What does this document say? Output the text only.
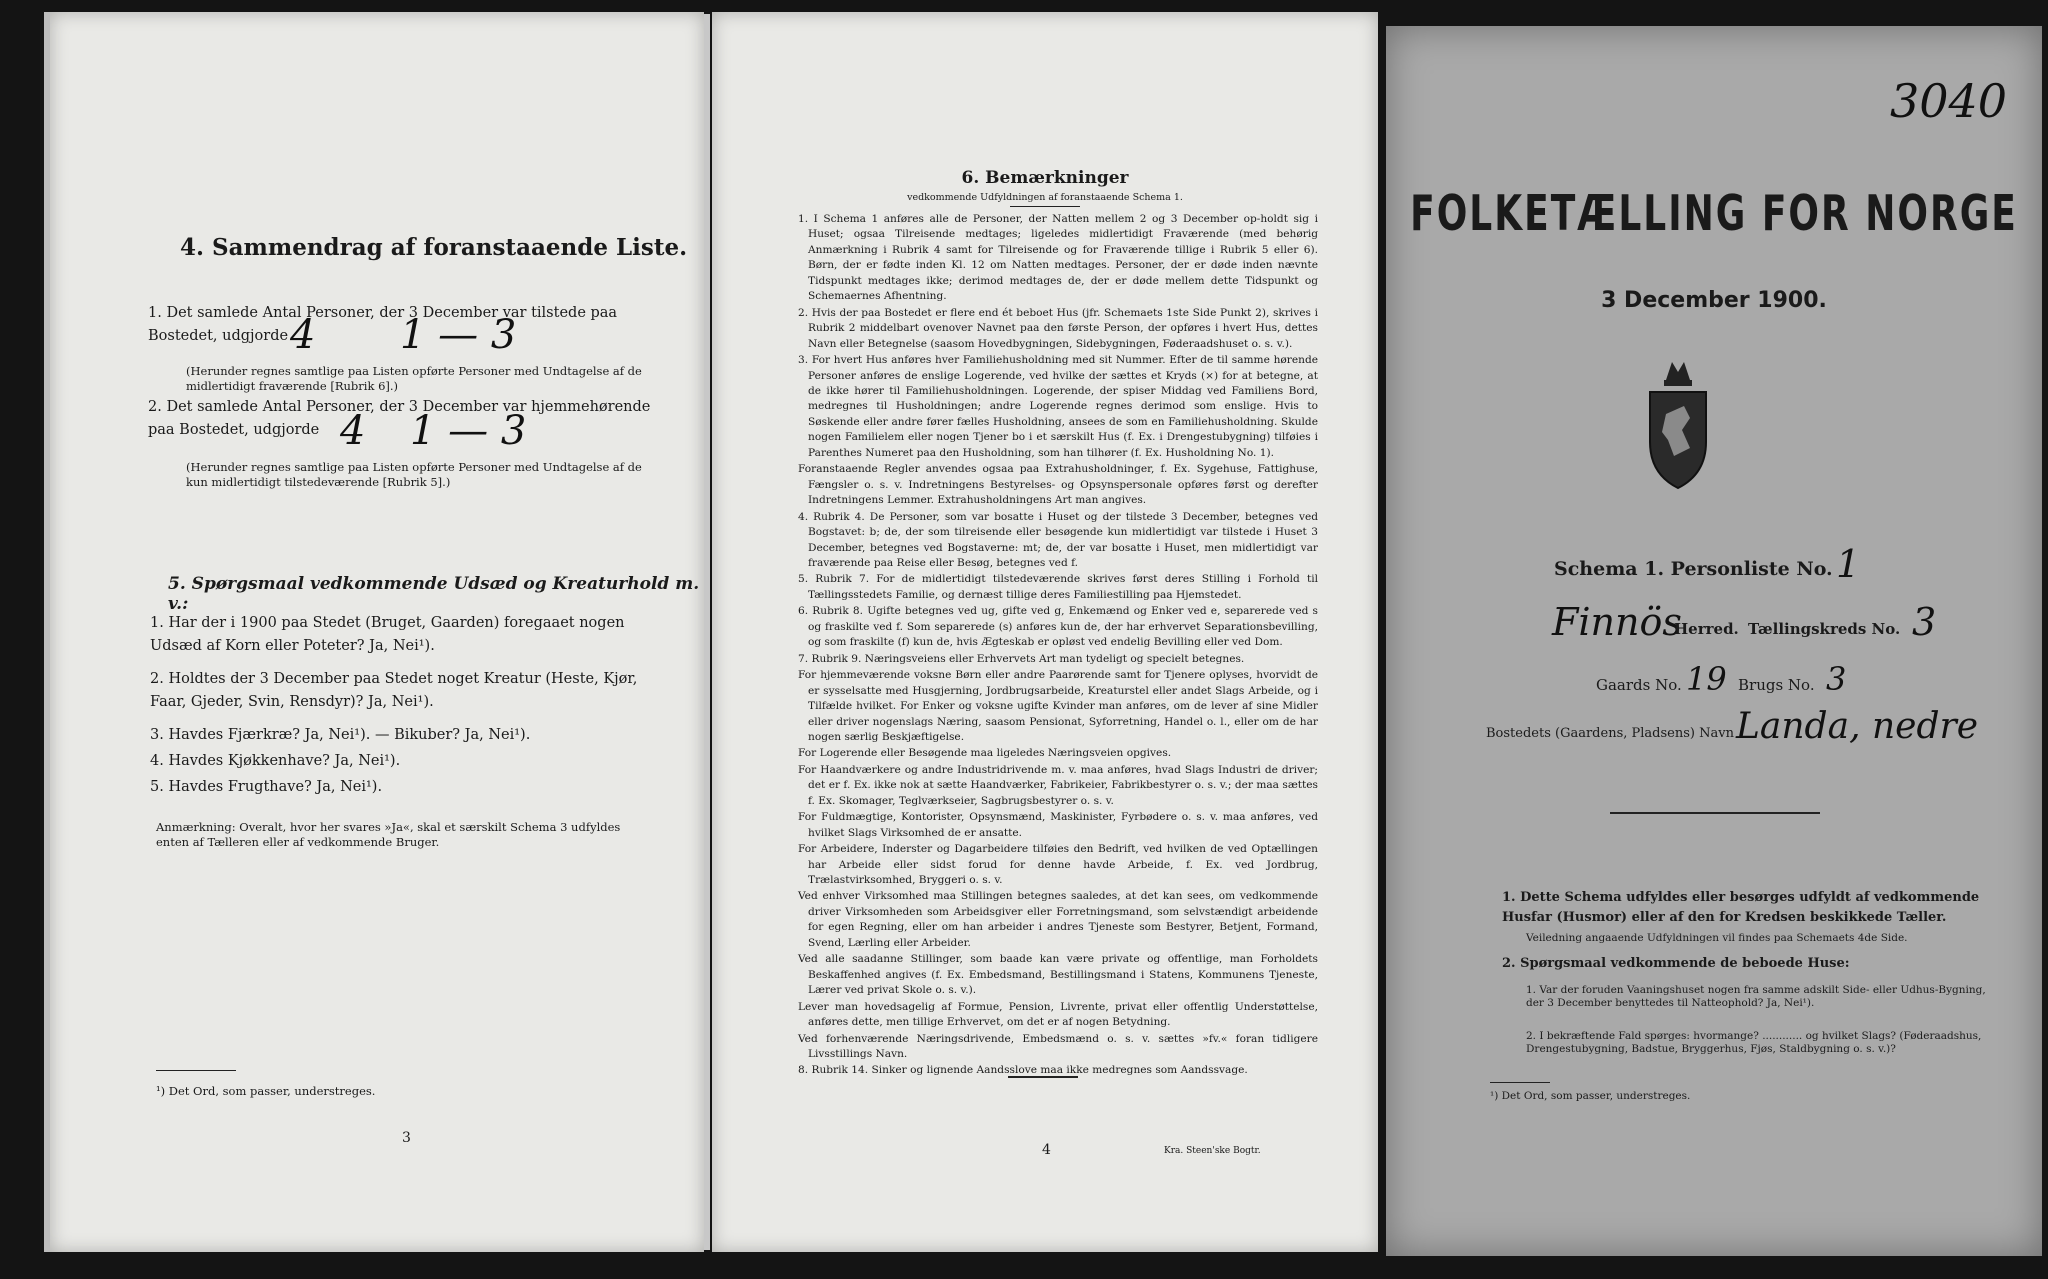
4. Sammendrag af foranstaaende Liste.
1. Det samlede Antal Personer, der 3 December var tilstede paa Bostedet, udgjorde 4 1 — 3
(Herunder regnes samtlige paa Listen opførte Personer med Undtagelse af de midlertidigt fraværende [Rubrik 6].)
2. Det samlede Antal Personer, der 3 December var hjemmehørende paa Bostedet, udgjorde 4 1 — 3
(Herunder regnes samtlige paa Listen opførte Personer med Undtagelse af de kun midlertidigt tilstedeværende [Rubrik 5].)
5. Spørgsmaal vedkommende Udsæd og Kreaturhold m. v.:
1. Har der i 1900 paa Stedet (Bruget, Gaarden) foregaaet nogen Udsæd af Korn eller Poteter? Ja, Nei¹).
2. Holdtes der 3 December paa Stedet noget Kreatur (Heste, Kjør, Faar, Gjeder, Svin, Rensdyr)? Ja, Nei¹).
3. Havdes Fjærkræ? Ja, Nei¹). — Bikuber? Ja, Nei¹).
4. Havdes Kjøkkenhave? Ja, Nei¹).
5. Havdes Frugthave? Ja, Nei¹).
Anmærkning: Overalt, hvor her svares »Ja«, skal et særskilt Schema 3 udfyldes enten af Tælleren eller af vedkommende Bruger.
¹) Det Ord, som passer, understreges.
3
6. Bemærkninger
vedkommende Udfyldningen af foranstaaende Schema 1.
1. I Schema 1 anføres alle de Personer, der Natten mellem 2 og 3 December op-holdt sig i Huset; ogsaa Tilreisende medtages; ligeledes midlertidigt Fraværende (med behørig Anmærkning i Rubrik 4 samt for Tilreisende og for Fraværende tillige i Rubrik 5 eller 6). Børn, der er fødte inden Kl. 12 om Natten medtages. Personer, der er døde inden nævnte Tidspunkt medtages ikke; derimod medtages de, der er døde mellem dette Tidspunkt og Schemaernes Afhentning.
2. Hvis der paa Bostedet er flere end ét beboet Hus (jfr. Schemaets 1ste Side Punkt 2), skrives i Rubrik 2 middelbart ovenover Navnet paa den første Person, der opføres i hvert Hus, dettes Navn eller Betegnelse (saasom Hovedbygningen, Sidebygningen, Føderaadshuset o. s. v.).
3. For hvert Hus anføres hver Familiehusholdning med sit Nummer. Efter de til samme hørende Personer anføres de enslige Logerende, ved hvilke der sættes et Kryds (×) for at betegne, at de ikke hører til Familiehusholdningen. Logerende, der spiser Middag ved Familiens Bord, medregnes til Husholdningen; andre Logerende regnes derimod som enslige. Hvis to Søskende eller andre fører fælles Husholdning, ansees de som en Familiehusholdning. Skulde nogen Familielem eller nogen Tjener bo i et særskilt Hus (f. Ex. i Drengestubygning) tilføies i Parenthes Numeret paa den Husholdning, som han tilhører (f. Ex. Husholdning No. 1).
Foranstaaende Regler anvendes ogsaa paa Extrahusholdninger, f. Ex. Sygehuse, Fattighuse, Fængsler o. s. v. Indretningens Bestyrelses- og Opsynspersonale opføres først og derefter Indretningens Lemmer. Extrahusholdningens Art man angives.
4. Rubrik 4. De Personer, som var bosatte i Huset og der tilstede 3 December, betegnes ved Bogstavet: b; de, der som tilreisende eller besøgende kun midlertidigt var tilstede i Huset 3 December, betegnes ved Bogstaverne: mt; de, der var bosatte i Huset, men midlertidigt var fraværende paa Reise eller Besøg, betegnes ved f.
5. Rubrik 7. For de midlertidigt tilstedeværende skrives først deres Stilling i Forhold til Tællingsstedets Familie, og dernæst tillige deres Familiestilling paa Hjemstedet.
6. Rubrik 8. Ugifte betegnes ved ug, gifte ved g, Enkemænd og Enker ved e, separerede ved s og fraskilte ved f. Som separerede (s) anføres kun de, der har erhvervet Separationsbevilling, og som fraskilte (f) kun de, hvis Ægteskab er opløst ved endelig Bevilling eller ved Dom.
7. Rubrik 9. Næringsveiens eller Erhvervets Art man tydeligt og specielt betegnes.
For hjemmeværende voksne Børn eller andre Paarørende samt for Tjenere oplyses, hvorvidt de er sysselsatte med Husgjerning, Jordbrugsarbeide, Kreaturstel eller andet Slags Arbeide, og i Tilfælde hvilket. For Enker og voksne ugifte Kvinder man anføres, om de lever af sine Midler eller driver nogenslags Næring, saasom Pensionat, Syforretning, Handel o. l., eller om de har nogen særlig Beskjæftigelse.
For Logerende eller Besøgende maa ligeledes Næringsveien opgives.
For Haandværkere og andre Industridrivende m. v. maa anføres, hvad Slags Industri de driver; det er f. Ex. ikke nok at sætte Haandværker, Fabrikeier, Fabrikbestyrer o. s. v.; der maa sættes f. Ex. Skomager, Teglværkseier, Sagbrugsbestyrer o. s. v.
For Fuldmægtige, Kontorister, Opsynsmænd, Maskinister, Fyrbødere o. s. v. maa anføres, ved hvilket Slags Virksomhed de er ansatte.
For Arbeidere, Inderster og Dagarbeidere tilføies den Bedrift, ved hvilken de ved Optællingen har Arbeide eller sidst forud for denne havde Arbeide, f. Ex. ved Jordbrug, Trælastvirksomhed, Bryggeri o. s. v.
Ved enhver Virksomhed maa Stillingen betegnes saaledes, at det kan sees, om vedkommende driver Virksomheden som Arbeidsgiver eller Forretningsmand, som selvstændigt arbeidende for egen Regning, eller om han arbeider i andres Tjeneste som Bestyrer, Betjent, Formand, Svend, Lærling eller Arbeider.
Ved alle saadanne Stillinger, som baade kan være private og offentlige, man Forholdets Beskaffenhed angives (f. Ex. Embedsmand, Bestillingsmand i Statens, Kommunens Tjeneste, Lærer ved privat Skole o. s. v.).
Lever man hovedsagelig af Formue, Pension, Livrente, privat eller offentlig Understøttelse, anføres dette, men tillige Erhvervet, om det er af nogen Betydning.
Ved forhenværende Næringsdrivende, Embedsmænd o. s. v. sættes »fv.« foran tidligere Livsstillings Navn.
8. Rubrik 14. Sinker og lignende Aandsslove maa ikke medregnes som Aandssvage.
4	Kra. Steen'ske Bogtr.
3040
FOLKETÆLLING FOR NORGE
3 December 1900.
Schema 1. Personliste No. 1
Finnös
Herred. Tællingskreds No. 3
Gaards No. 19 Brugs No. 3
Bostedets (Gaardens, Pladsens) Navn Landa, nedre
1. Dette Schema udfyldes eller besørges udfyldt af vedkommende Husfar (Husmor) eller af den for Kredsen beskikkede Tæller.
Veiledning angaaende Udfyldningen vil findes paa Schemaets 4de Side.
2. Spørgsmaal vedkommende de beboede Huse:
1. Var der foruden Vaaningshuset nogen fra samme adskilt Side- eller Udhus-Bygning, der 3 December benyttedes til Natteophold? Ja, Nei¹).
2. I bekræftende Fald spørges: hvormange? ............ og hvilket Slags? (Føderaadshus, Drengestubygning, Badstue, Bryggerhus, Fjøs, Staldbygning o. s. v.)?
¹) Det Ord, som passer, understreges.
